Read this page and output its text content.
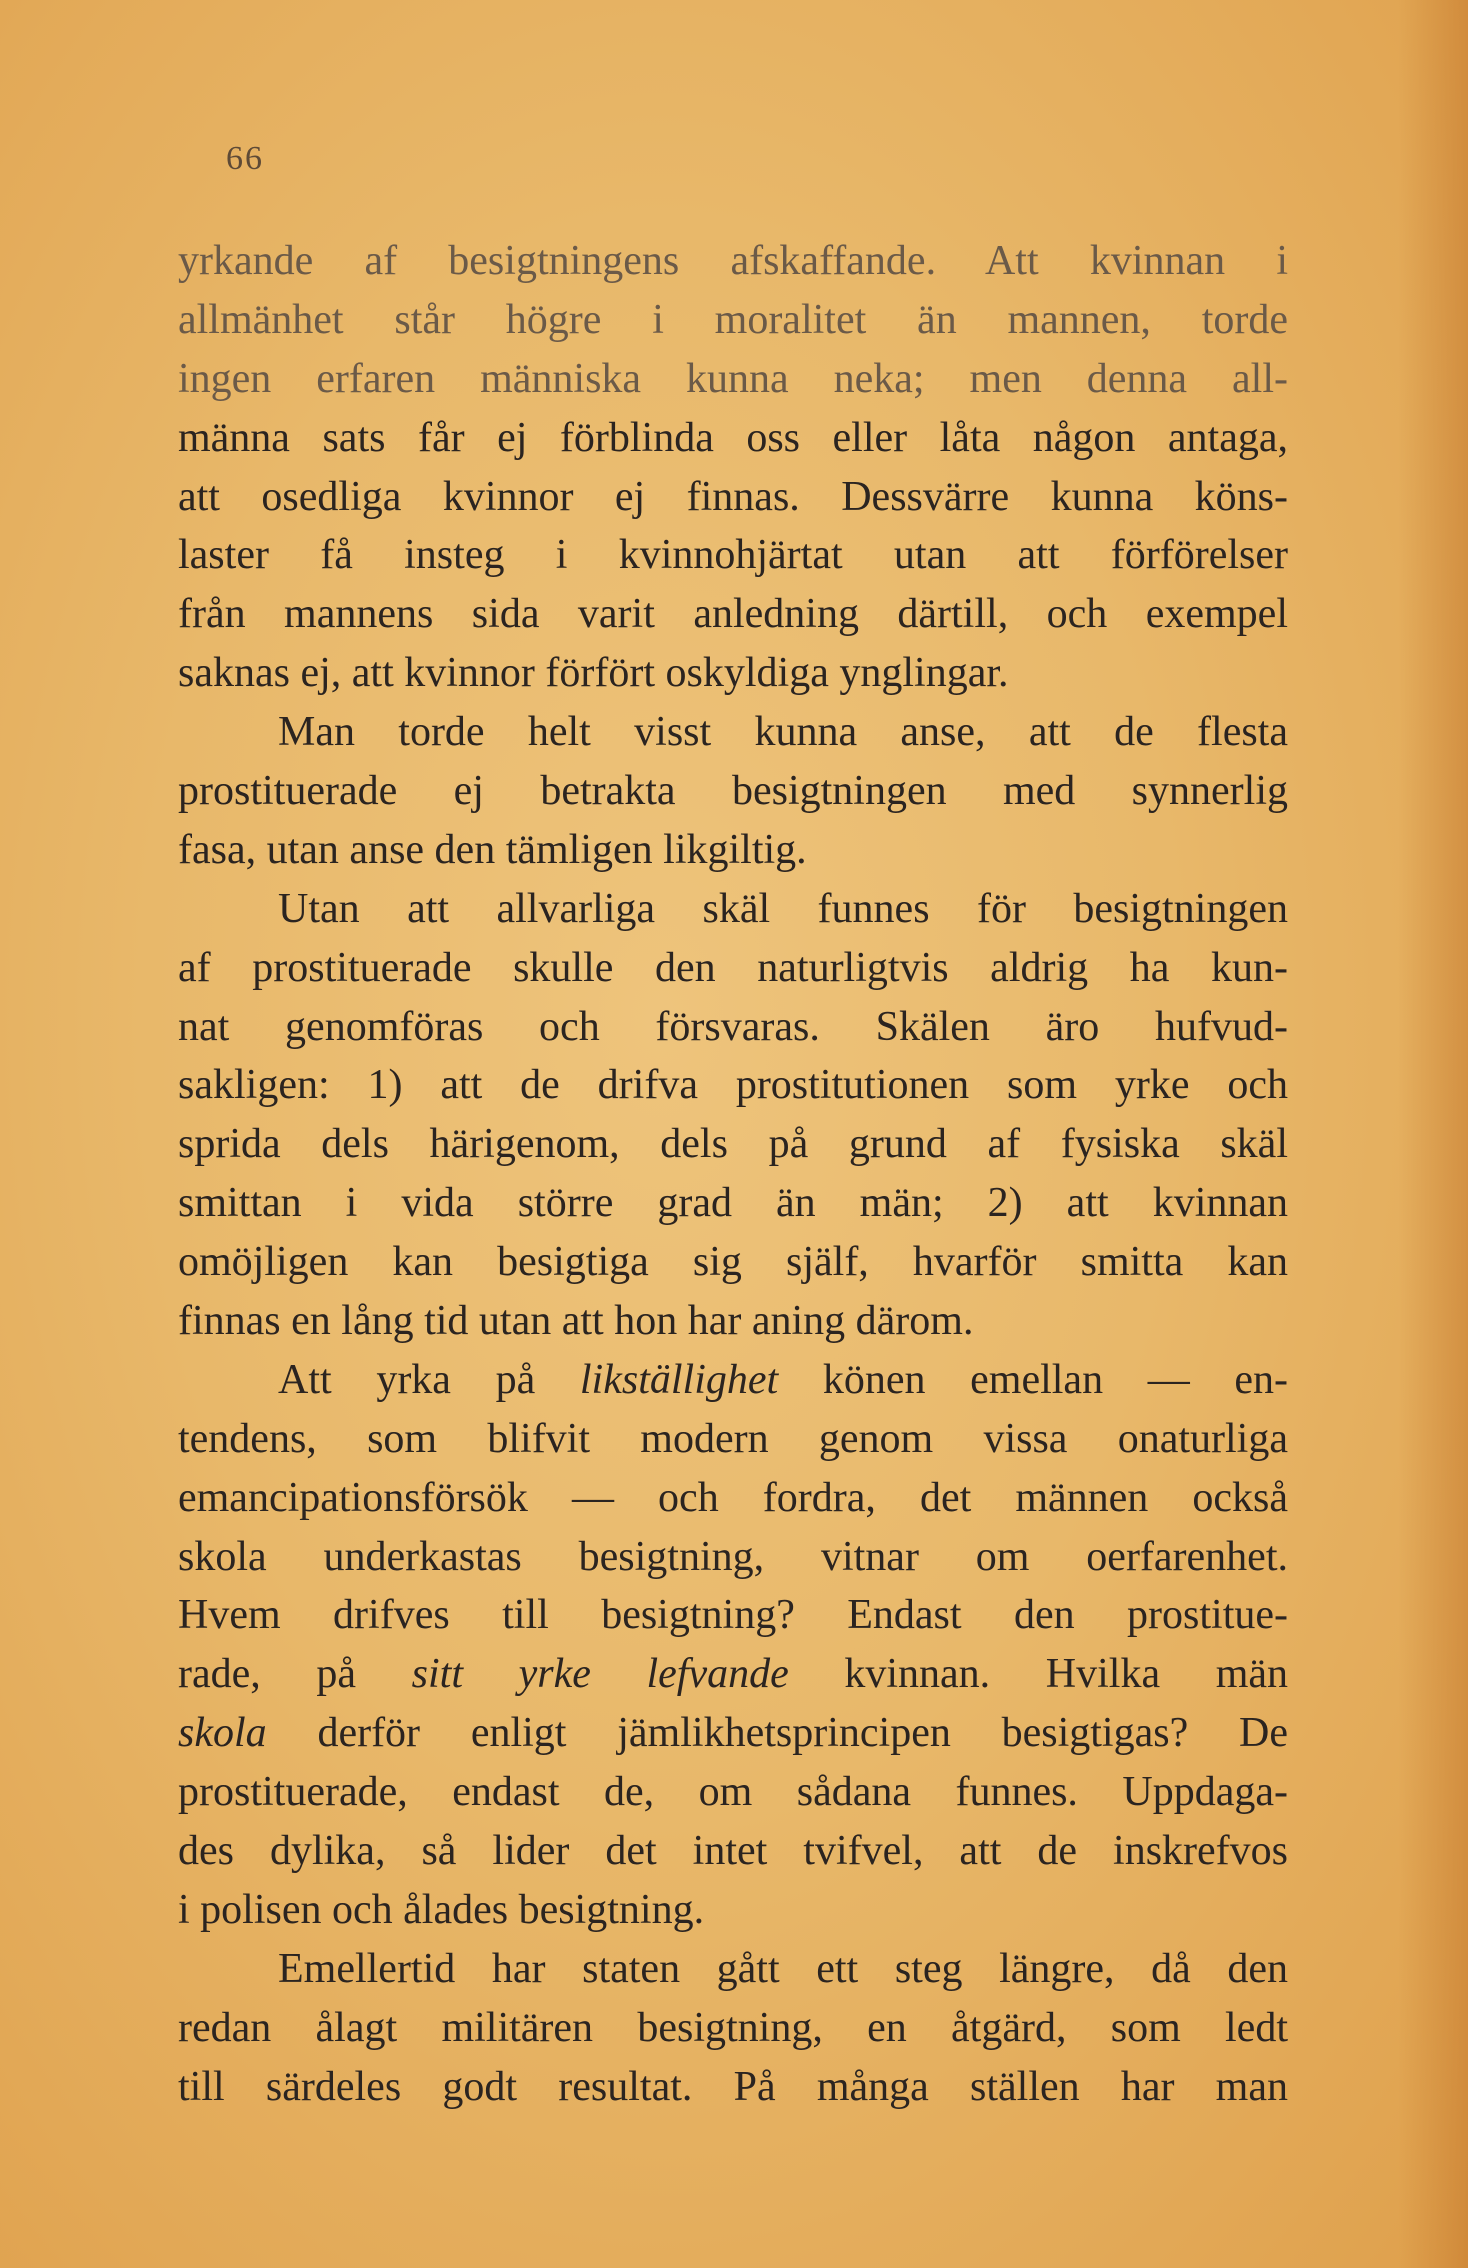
66
yrkande af besigtningens afskaffande. Att kvinnan i
allmänhet står högre i moralitet än mannen, torde
ingen erfaren människa kunna neka; men denna all-
männa sats får ej förblinda oss eller låta någon antaga,
att osedliga kvinnor ej finnas. Dessvärre kunna köns-
laster få insteg i kvinnohjärtat utan att förförelser
från mannens sida varit anledning därtill, och exempel
saknas ej, att kvinnor förfört oskyldiga ynglingar.
Man torde helt visst kunna anse, att de flesta
prostituerade ej betrakta besigtningen med synnerlig
fasa, utan anse den tämligen likgiltig.
Utan att allvarliga skäl funnes för besigtningen
af prostituerade skulle den naturligtvis aldrig ha kun-
nat genomföras och försvaras. Skälen äro hufvud-
sakligen: 1) att de drifva prostitutionen som yrke och
sprida dels härigenom, dels på grund af fysiska skäl
smittan i vida större grad än män; 2) att kvinnan
omöjligen kan besigtiga sig själf, hvarför smitta kan
finnas en lång tid utan att hon har aning därom.
Att yrka på likställighet könen emellan — en-
tendens, som blifvit modern genom vissa onaturliga
emancipationsförsök — och fordra, det männen också
skola underkastas besigtning, vitnar om oerfarenhet.
Hvem drifves till besigtning? Endast den prostitue-
rade, på sitt yrke lefvande kvinnan. Hvilka män
skola derför enligt jämlikhetsprincipen besigtigas? De
prostituerade, endast de, om sådana funnes. Uppdaga-
des dylika, så lider det intet tvifvel, att de inskrefvos
i polisen och ålades besigtning.
Emellertid har staten gått ett steg längre, då den
redan ålagt militären besigtning, en åtgärd, som ledt
till särdeles godt resultat. På många ställen har man
